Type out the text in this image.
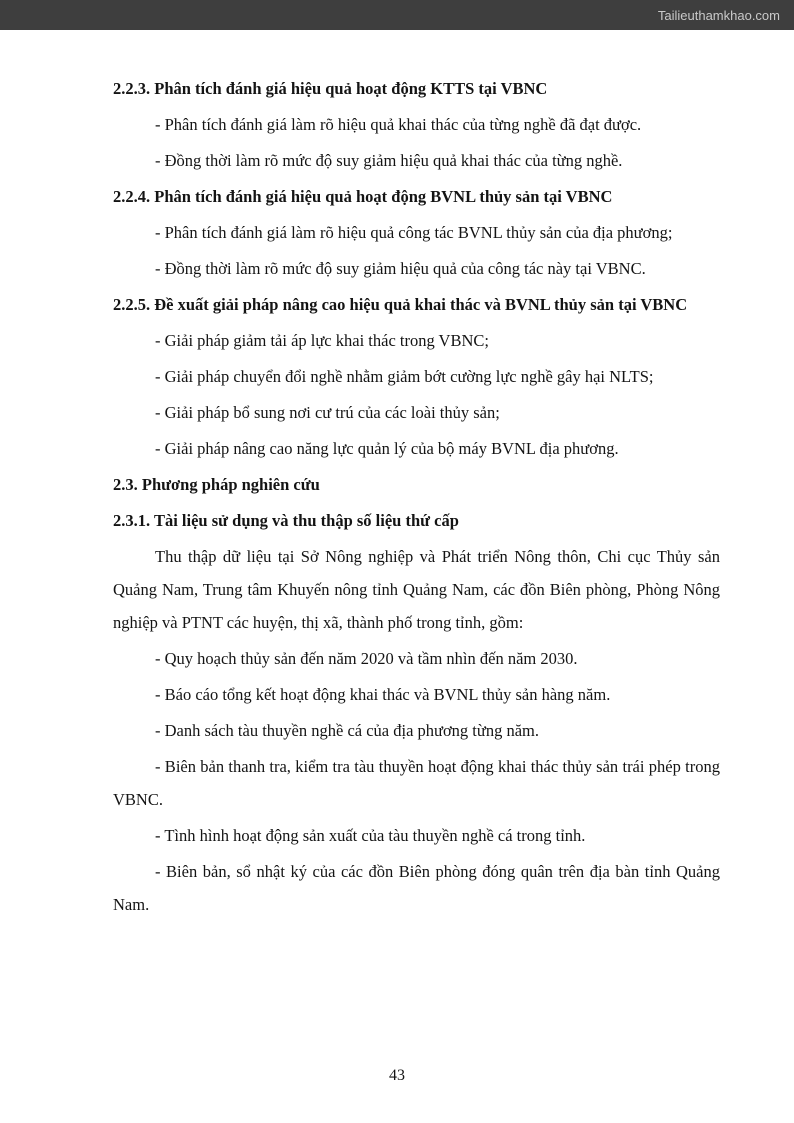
Tailieuthamkhao.com

2.2.3. Phân tích đánh giá hiệu quả hoạt động KTTS tại VBNC

- Phân tích đánh giá làm rõ hiệu quả khai thác của từng nghề đã đạt được.

- Đồng thời làm rõ mức độ suy giảm hiệu quả khai thác của từng nghề.

2.2.4. Phân tích đánh giá hiệu quả hoạt động BVNL thủy sản tại VBNC

- Phân tích đánh giá làm rõ hiệu quả công tác BVNL thủy sản của địa phương;

- Đồng thời làm rõ mức độ suy giảm hiệu quả của công tác này tại VBNC.

2.2.5. Đề xuất giải pháp nâng cao hiệu quả khai thác và BVNL thủy sản tại VBNC

- Giải pháp giảm tải áp lực khai thác trong VBNC;

- Giải pháp chuyển đổi nghề nhằm giảm bớt cường lực nghề gây hại NLTS;

- Giải pháp bổ sung nơi cư trú của các loài thủy sản;

- Giải pháp nâng cao năng lực quản lý của bộ máy BVNL địa phương.

2.3. Phương pháp nghiên cứu

2.3.1. Tài liệu sử dụng và thu thập số liệu thứ cấp

Thu thập dữ liệu tại Sở Nông nghiệp và Phát triển Nông thôn, Chi cục Thủy sản Quảng Nam, Trung tâm Khuyến nông tỉnh Quảng Nam, các đồn Biên phòng, Phòng Nông nghiệp và PTNT các huyện, thị xã, thành phố trong tỉnh, gồm:

- Quy hoạch thủy sản đến năm 2020 và tầm nhìn đến năm 2030.

- Báo cáo tổng kết hoạt động khai thác và BVNL thủy sản hàng năm.

- Danh sách tàu thuyền nghề cá của địa phương từng năm.

- Biên bản thanh tra, kiểm tra tàu thuyền hoạt động khai thác thủy sản trái phép trong VBNC.

- Tình hình hoạt động sản xuất của tàu thuyền nghề cá trong tỉnh.

- Biên bản, sổ nhật ký của các đồn Biên phòng đóng quân trên địa bàn tỉnh Quảng Nam.

43
